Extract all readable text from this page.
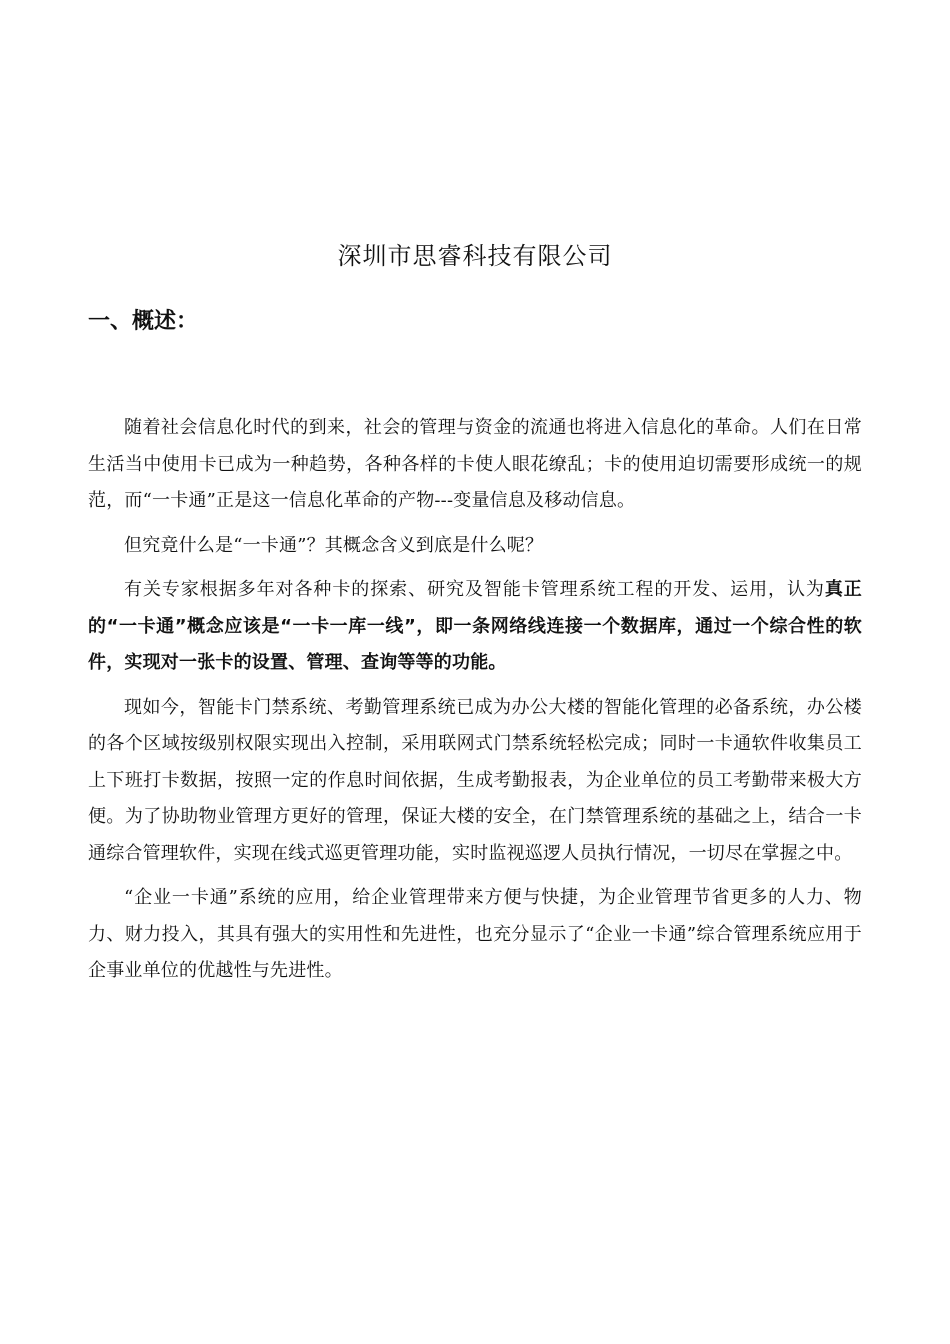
深圳市思睿科技有限公司
一、概述：

随着社会信息化时代的到来，社会的管理与资金的流通也将进入信息化的革命。人们在日常生活当中使用卡已成为一种趋势，各种各样的卡使人眼花缭乱；卡的使用迫切需要形成统一的规范，而“一卡通”正是这一信息化革命的产物---变量信息及移动信息。

但究竟什么是“一卡通”？其概念含义到底是什么呢？

有关专家根据多年对各种卡的探索、研究及智能卡管理系统工程的开发、运用，认为真正的“一卡通”概念应该是“一卡一库一线”，即一条网络线连接一个数据库，通过一个综合性的软件，实现对一张卡的设置、管理、查询等等的功能。

现如今，智能卡门禁系统、考勤管理系统已成为办公大楼的智能化管理的必备系统，办公楼的各个区域按级别权限实现出入控制，采用联网式门禁系统轻松完成；同时一卡通软件收集员工上下班打卡数据，按照一定的作息时间依据，生成考勤报表，为企业单位的员工考勤带来极大方便。为了协助物业管理方更好的管理，保证大楼的安全，在门禁管理系统的基础之上，结合一卡通综合管理软件，实现在线式巡更管理功能，实时监视巡逻人员执行情况，一切尽在掌握之中。

“企业一卡通”系统的应用，给企业管理带来方便与快捷，为企业管理节省更多的人力、物力、财力投入，其具有强大的实用性和先进性，也充分显示了“企业一卡通”综合管理系统应用于企事业单位的优越性与先进性。
